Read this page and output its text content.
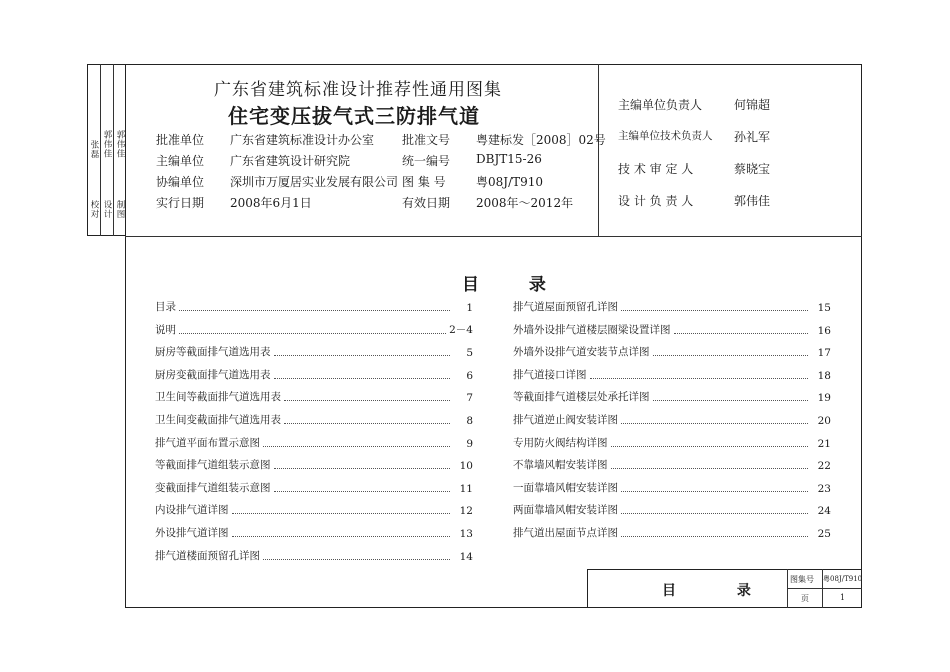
张磊
校对
郭伟佳
设计
郭伟佳
制图
广东省建筑标准设计推荐性通用图集
住宅变压拔气式三防排气道
批准单位 广东省建筑标准设计办公室 批准文号 粤建标发［2008］02号
主编单位 广东省建筑设计研究院	统一编号 DBJT15-26
协编单位 深圳市万厦居实业发展有限公司 图 集 号	粤08J/T910
实行日期 2008年6月1日	有效日期 2008年～2012年
主编单位负责人	何锦超
主编单位技术负责人 孙礼军
技 术 审 定 人	蔡晓宝
设 计 负 责 人	郭伟佳
目 录
目录	1
说明	2－4
厨房等截面排气道选用表	5
厨房变截面排气道选用表	6
卫生间等截面排气道选用表	7
卫生间变截面排气道选用表	8
排气道平面布置示意图	9
等截面排气道组装示意图	10
变截面排气道组装示意图	11
内设排气道详图	12
外设排气道详图	13
排气道楼面预留孔详图	14
排气道屋面预留孔详图	15
外墙外设排气道楼层圈梁设置详图	16
外墙外设排气道安装节点详图	17
排气道接口详图	18
等截面排气道楼层处承托详图	19
排气道逆止阀安装详图	20
专用防火阀结构详图	21
不靠墙风帽安装详图	22
一面靠墙风帽安装详图	23
两面靠墙风帽安装详图	24
排气道出屋面节点详图	25
目 录
图集号 粤08J/T910
页	1
